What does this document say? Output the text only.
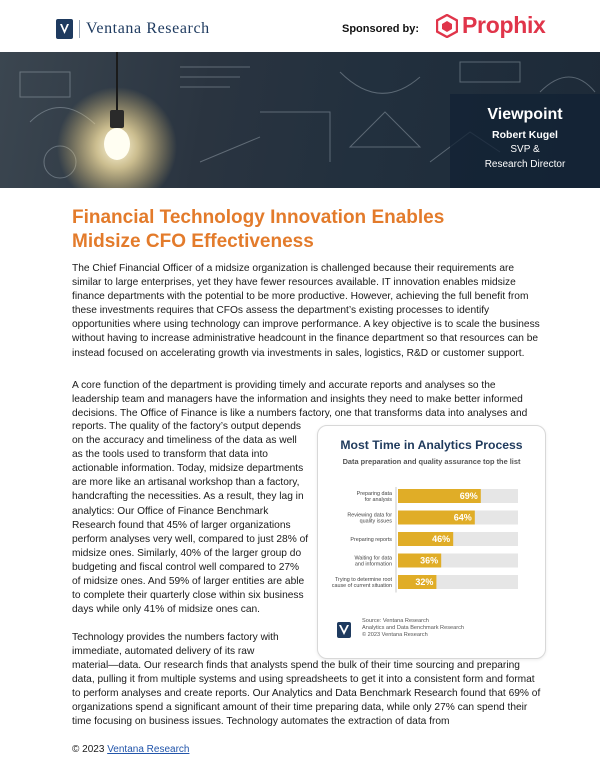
Ventana Research	Sponsored by: Prophix
Viewpoint
Robert Kugel
SVP &
Research Director
Financial Technology Innovation Enables
Midsize CFO Effectiveness
The Chief Financial Officer of a midsize organization is challenged because their requirements are similar to large enterprises, yet they have fewer resources available. IT innovation enables midsize finance departments with the potential to be more productive. However, achieving the full benefit from these investments requires that CFOs assess the department’s existing processes to identify opportunities where using technology can improve performance. A key objective is to scale the business without having to increase administrative headcount in the finance department so that resources can be instead focused on accelerating growth via investments in sales, logistics, R&D or customer support.
A core function of the department is providing timely and accurate reports and analyses so the leadership team and managers have the information and insights they need to make better informed decisions. The Office of Finance is like a numbers factory, one that transforms data into analyses and
reports. The quality of the factory’s output depends on the accuracy and timeliness of the data as well as the tools used to transform that data into actionable information. Today, midsize departments are more like an artisanal workshop than a factory, handcrafting the necessities. As a result, they lag in analytics: Our Office of Finance Benchmark Research found that 45% of larger organizations perform analyses very well, compared to just 28% of midsize ones. Similarly, 40% of the larger group do budgeting and fiscal control well compared to 27% of midsize ones. And 59% of larger entities are able to complete their quarterly close within six business days while only 41% of midsize ones can.
Technology provides the numbers factory with immediate, automated delivery of its raw
material—data. Our research finds that analysts spend the bulk of their time sourcing and preparing data, pulling it from multiple systems and using spreadsheets to get it into a consistent form and format to perform analyses and create reports. Our Analytics and Data Benchmark Research found that 69% of organizations spend a significant amount of their time preparing data, while only 27% can spend their time focusing on business issues. Technology automates the extraction of data from
Most Time in Analytics Process
Data preparation and quality assurance top the list
69%
Preparing data for analysis
64%
Reviewing data for quality issues
46%
Preparing reports
36%
Waiting for data and information
32%
Trying to determine root cause of current situation
Source: Ventana Research
Analytics and Data Benchmark Research
© 2023 Ventana Research
© 2023 Ventana Research
